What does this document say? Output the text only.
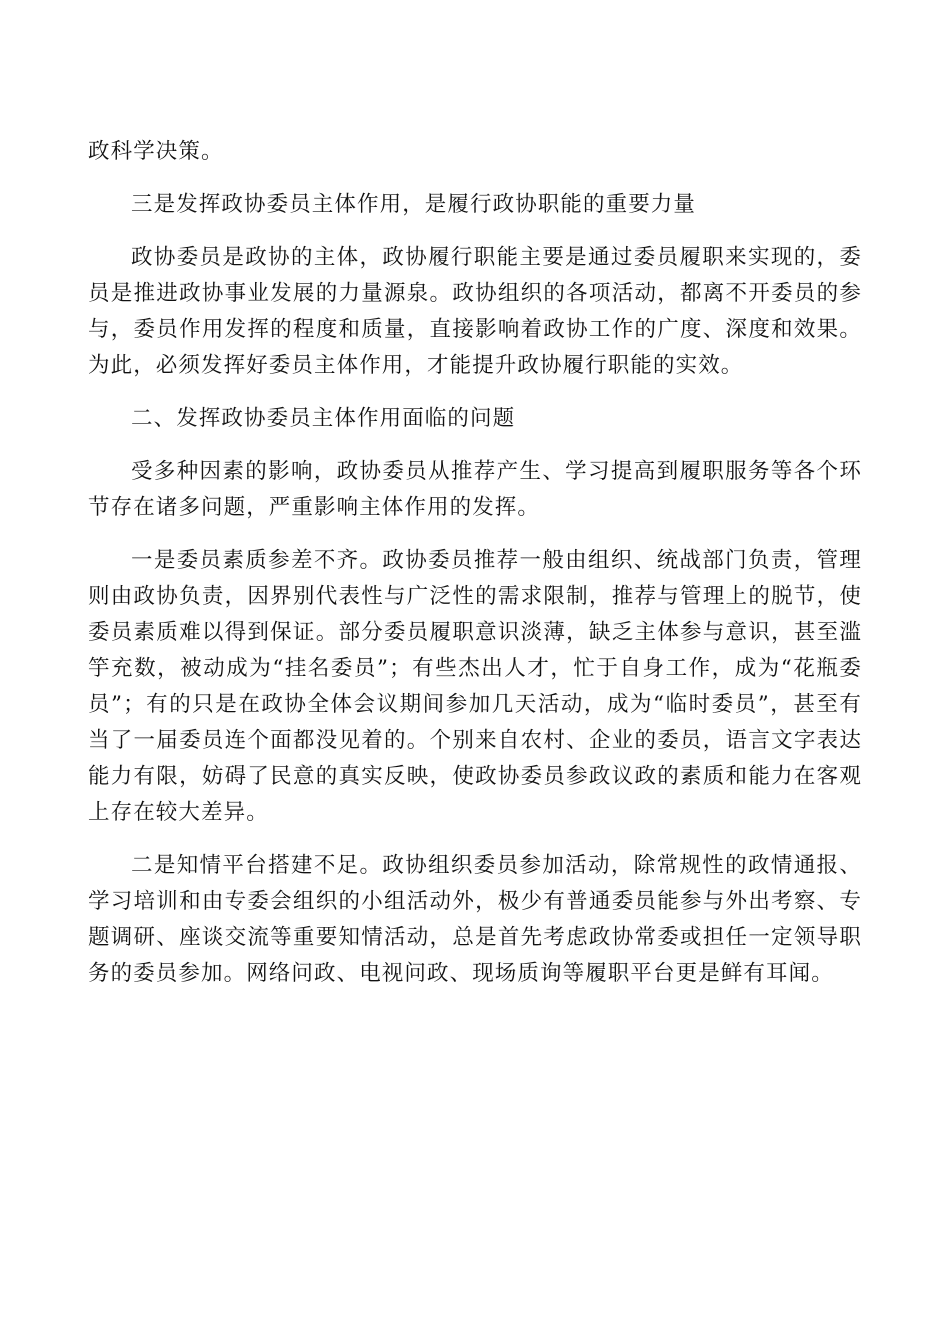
政科学决策。

三是发挥政协委员主体作用，是履行政协职能的重要力量

政协委员是政协的主体，政协履行职能主要是通过委员履职来实现的，委员是推进政协事业发展的力量源泉。政协组织的各项活动，都离不开委员的参与，委员作用发挥的程度和质量，直接影响着政协工作的广度、深度和效果。为此，必须发挥好委员主体作用，才能提升政协履行职能的实效。

二、发挥政协委员主体作用面临的问题

受多种因素的影响，政协委员从推荐产生、学习提高到履职服务等各个环节存在诸多问题，严重影响主体作用的发挥。

一是委员素质参差不齐。政协委员推荐一般由组织、统战部门负责，管理则由政协负责，因界别代表性与广泛性的需求限制，推荐与管理上的脱节，使委员素质难以得到保证。部分委员履职意识淡薄，缺乏主体参与意识，甚至滥竽充数，被动成为“挂名委员”；有些杰出人才，忙于自身工作，成为“花瓶委员”；有的只是在政协全体会议期间参加几天活动，成为“临时委员”，甚至有当了一届委员连个面都没见着的。个别来自农村、企业的委员，语言文字表达能力有限，妨碍了民意的真实反映，使政协委员参政议政的素质和能力在客观上存在较大差异。

二是知情平台搭建不足。政协组织委员参加活动，除常规性的政情通报、学习培训和由专委会组织的小组活动外，极少有普通委员能参与外出考察、专题调研、座谈交流等重要知情活动，总是首先考虑政协常委或担任一定领导职务的委员参加。网络问政、电视问政、现场质询等履职平台更是鲜有耳闻。
